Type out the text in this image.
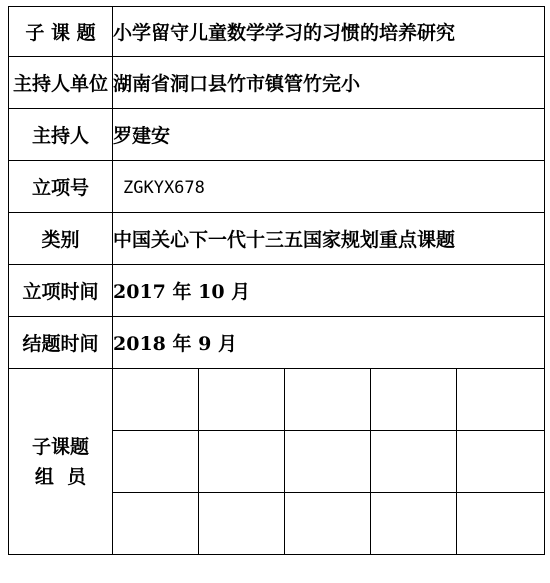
子 课 题	小学留守儿童数学学习的习惯的培养研究				
主持人单位	湖南省洞口县竹市镇管竹完小				
主持人	罗建安				
立项号	ZGKYX678				
类别	中国关心下一代十三五国家规划重点课题				
立项时间	2017 年 10 月				
结题时间	2018 年 9 月				

子课题
组  员					
